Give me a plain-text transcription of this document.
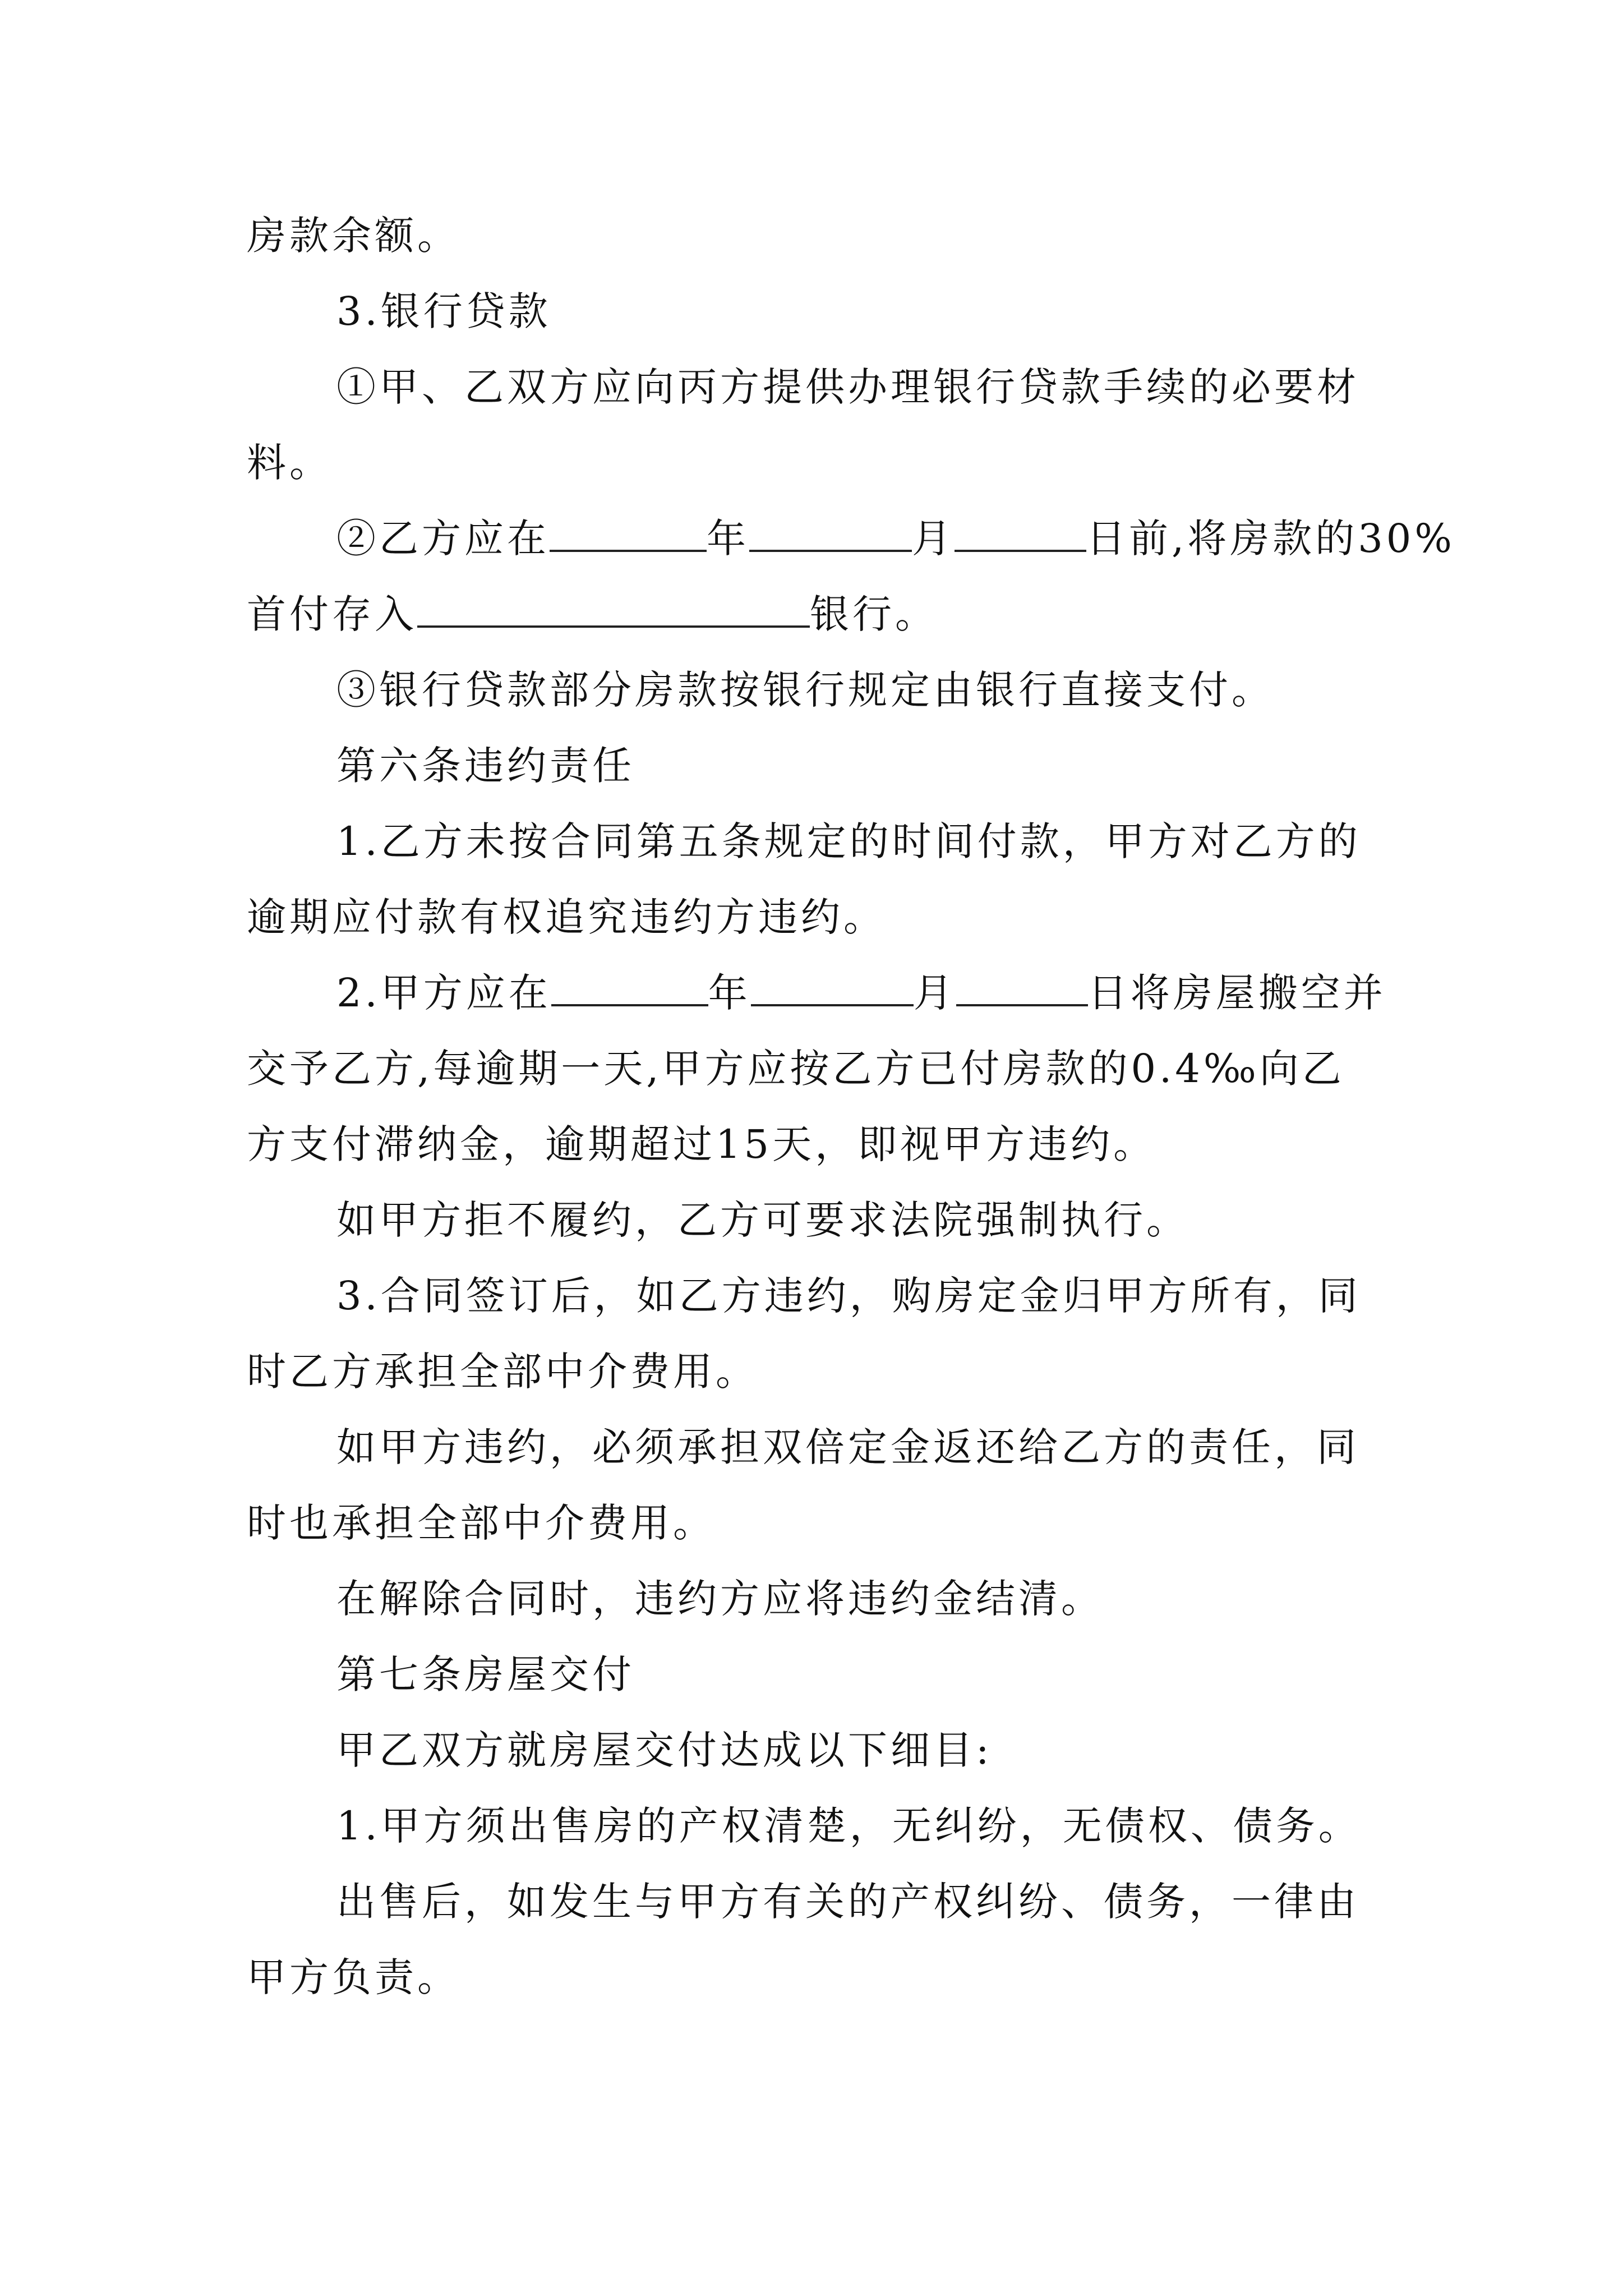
房款余额。
3.银行贷款
①甲、乙双方应向丙方提供办理银行贷款手续的必要材
料。
②乙方应在	年	月	日前,将房款的30%
首付存入	银行。
③银行贷款部分房款按银行规定由银行直接支付。
第六条违约责任
1.乙方未按合同第五条规定的时间付款，甲方对乙方的
逾期应付款有权追究违约方违约。
2.甲方应在	年	月	日将房屋搬空并
交予乙方,每逾期一天,甲方应按乙方已付房款的0.4‰向乙
方支付滞纳金，逾期超过15天，即视甲方违约。
如甲方拒不履约，乙方可要求法院强制执行。
3.合同签订后，如乙方违约，购房定金归甲方所有，同
时乙方承担全部中介费用。
如甲方违约，必须承担双倍定金返还给乙方的责任，同
时也承担全部中介费用。
在解除合同时，违约方应将违约金结清。
第七条房屋交付
甲乙双方就房屋交付达成以下细目:
1.甲方须出售房的产权清楚，无纠纷，无债权、债务。
出售后，如发生与甲方有关的产权纠纷、债务，一律由
甲方负责。
